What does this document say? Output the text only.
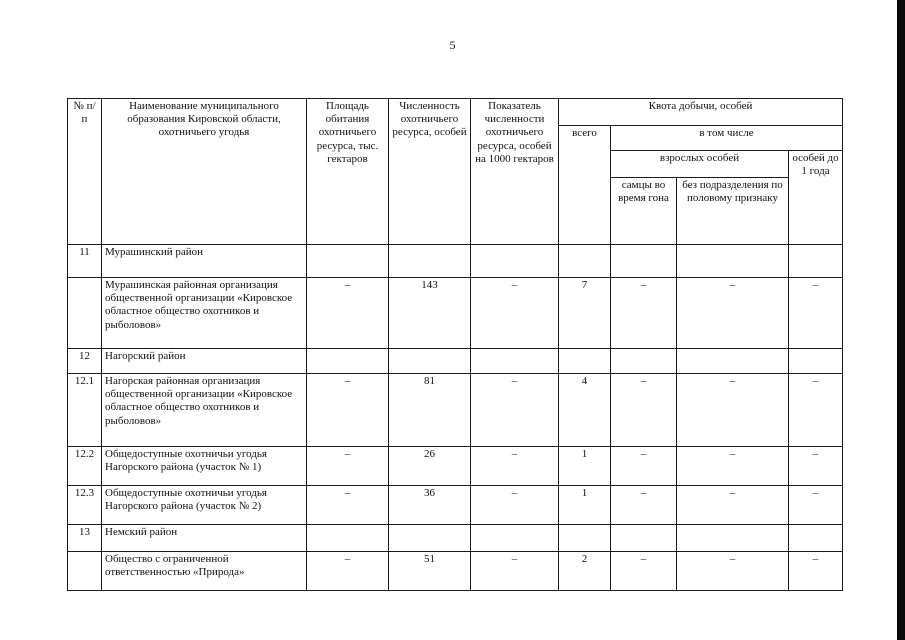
5
№ п/п	Наименование муниципального образования Кировской области, охотничьего угодья	Площадь обитания охотничьего ресурса, тыс. гектаров	Численность охотничьего ресурса, особей	Показатель численности охотничьего ресурса, особей на 1000 гектаров	Квота добычи, особей			
					всего	в том числе		
						взрослых особей		особей до 1 года
						самцы во время гона	без подразделения по половому признаку	
11	Мурашинский район							
	Мурашинская районная организация общественной организации «Кировское областное общество охотников и рыболовов»	–	143	–	7	–	–	–
12	Нагорский район							
12.1	Нагорская районная организация общественной организации «Кировское областное общество охотников и рыболовов»	–	81	–	4	–	–	–
12.2	Общедоступные охотничьи угодья Нагорского района (участок № 1)	–	26	–	1	–	–	–
12.3	Общедоступные охотничьи угодья Нагорского района (участок № 2)	–	36	–	1	–	–	–
13	Немский район							
	Общество с ограниченной ответственностью «Природа»	–	51	–	2	–	–	–
